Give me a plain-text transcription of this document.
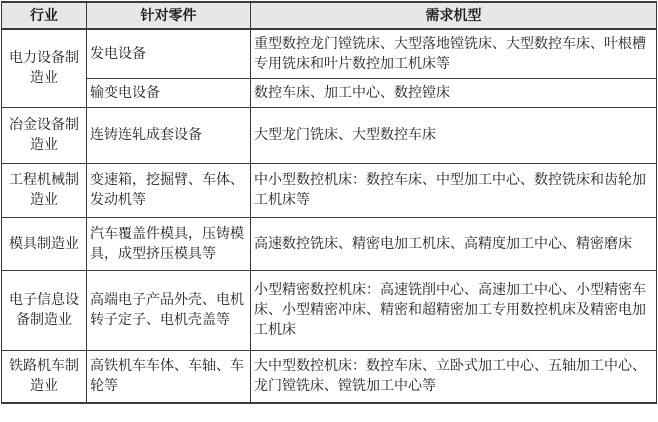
行业	针对零件	需求机型
电力设备制造业	发电设备	重型数控龙门镗铣床、大型落地镗铣床、大型数控车床、叶根槽专用铣床和叶片数控加工机床等
	输变电设备	数控车床、加工中心、数控镗床
冶金设备制造业	连铸连轧成套设备	大型龙门铣床、大型数控车床
工程机械制造业	变速箱，挖掘臂、车体、发动机等	中小型数控机床：数控车床、中型加工中心、数控铣床和齿轮加工机床等
模具制造业	汽车覆盖件模具，压铸模具，成型挤压模具等	高速数控铣床、精密电加工机床、高精度加工中心、精密磨床
电子信息设备制造业	高端电子产品外壳、电机转子定子、电机壳盖等	小型精密数控机床：高速铣削中心、高速加工中心、小型精密车床、小型精密冲床、精密和超精密加工专用数控机床及精密电加工机床
铁路机车制造业	高铁机车车体、车轴、车轮等	大中型数控机床：数控车床、立卧式加工中心、五轴加工中心、龙门镗铣床、镗铣加工中心等
